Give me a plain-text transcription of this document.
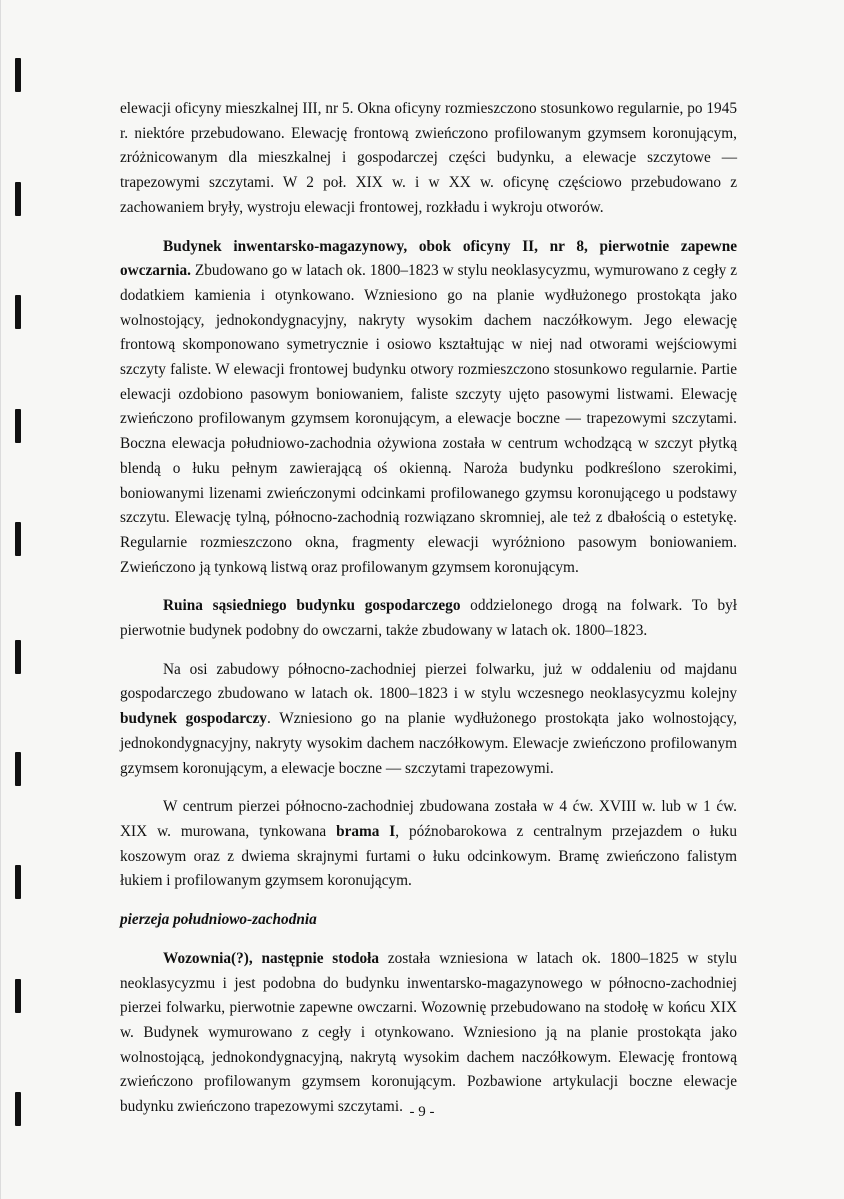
elewacji oficyny mieszkalnej III, nr 5. Okna oficyny rozmieszczono stosunkowo regularnie, po 1945 r. niektóre przebudowano. Elewację frontową zwieńczono profilowanym gzymsem koronującym, zróżnicowanym dla mieszkalnej i gospodarczej części budynku, a elewacje szczytowe — trapezowymi szczytami. W 2 poł. XIX w. i w XX w. oficynę częściowo przebudowano z zachowaniem bryły, wystroju elewacji frontowej, rozkładu i wykroju otworów.

Budynek inwentarsko-magazynowy, obok oficyny II, nr 8, pierwotnie zapewne owczarnia. Zbudowano go w latach ok. 1800–1823 w stylu neoklasycyzmu, wymurowano z cegły z dodatkiem kamienia i otynkowano. Wzniesiono go na planie wydłużonego prostokąta jako wolnostojący, jednokondygnacyjny, nakryty wysokim dachem naczółkowym. Jego elewację frontową skomponowano symetrycznie i osiowo kształtując w niej nad otworami wejściowymi szczyty faliste. W elewacji frontowej budynku otwory rozmieszczono stosunkowo regularnie. Partie elewacji ozdobiono pasowym boniowaniem, faliste szczyty ujęto pasowymi listwami. Elewację zwieńczono profilowanym gzymsem koronującym, a elewacje boczne — trapezowymi szczytami. Boczna elewacja południowo-zachodnia ożywiona została w centrum wchodzącą w szczyt płytką blendą o łuku pełnym zawierającą oś okienną. Naroża budynku podkreślono szerokimi, boniowanymi lizenami zwieńczonymi odcinkami profilowanego gzymsu koronującego u podstawy szczytu. Elewację tylną, północno-zachodnią rozwiązano skromniej, ale też z dbałością o estetykę. Regularnie rozmieszczono okna, fragmenty elewacji wyróżniono pasowym boniowaniem. Zwieńczono ją tynkową listwą oraz profilowanym gzymsem koronującym.

Ruina sąsiedniego budynku gospodarczego oddzielonego drogą na folwark. To był pierwotnie budynek podobny do owczarni, także zbudowany w latach ok. 1800–1823.

Na osi zabudowy północno-zachodniej pierzei folwarku, już w oddaleniu od majdanu gospodarczego zbudowano w latach ok. 1800–1823 i w stylu wczesnego neoklasycyzmu kolejny budynek gospodarczy. Wzniesiono go na planie wydłużonego prostokąta jako wolnostojący, jednokondygnacyjny, nakryty wysokim dachem naczółkowym. Elewacje zwieńczono profilowanym gzymsem koronującym, a elewacje boczne — szczytami trapezowymi.

W centrum pierzei północno-zachodniej zbudowana została w 4 ćw. XVIII w. lub w 1 ćw. XIX w. murowana, tynkowana brama I, późnobarokowa z centralnym przejazdem o łuku koszowym oraz z dwiema skrajnymi furtami o łuku odcinkowym. Bramę zwieńczono falistym łukiem i profilowanym gzymsem koronującym.

pierzeja południowo-zachodnia

Wozownia(?), następnie stodoła została wzniesiona w latach ok. 1800–1825 w stylu neoklasycyzmu i jest podobna do budynku inwentarsko-magazynowego w północno-zachodniej pierzei folwarku, pierwotnie zapewne owczarni. Wozownię przebudowano na stodołę w końcu XIX w. Budynek wymurowano z cegły i otynkowano. Wzniesiono ją na planie prostokąta jako wolnostojącą, jednokondygnacyjną, nakrytą wysokim dachem naczółkowym. Elewację frontową zwieńczono profilowanym gzymsem koronującym. Pozbawione artykulacji boczne elewacje budynku zwieńczono trapezowymi szczytami. - 9 -
